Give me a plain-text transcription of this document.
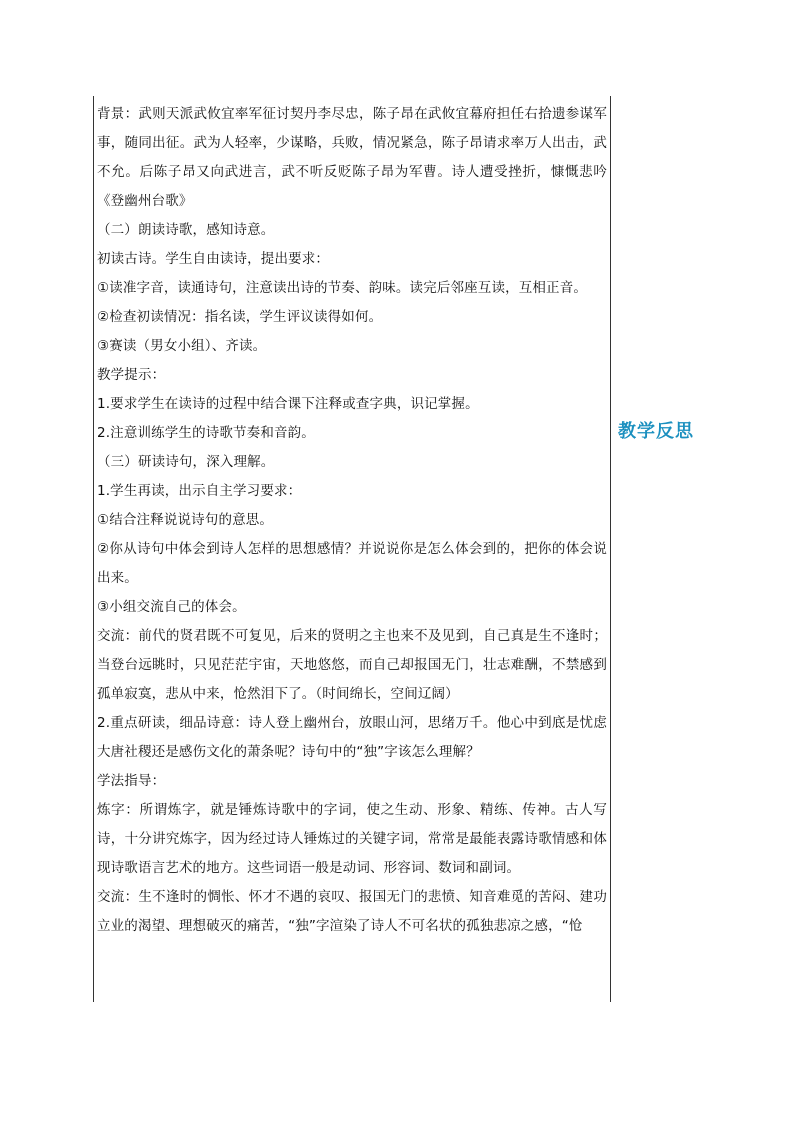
背景：武则天派武攸宜率军征讨契丹李尽忠，陈子昂在武攸宜幕府担任右拾遗参谋军事，随同出征。武为人轻率，少谋略，兵败，情况紧急，陈子昂请求率万人出击，武不允。后陈子昂又向武进言，武不听反贬陈子昂为军曹。诗人遭受挫折，慷慨悲吟《登幽州台歌》

（二）朗读诗歌，感知诗意。

初读古诗。学生自由读诗，提出要求：

①读准字音，读通诗句，注意读出诗的节奏、韵味。读完后邻座互读，互相正音。

②检查初读情况：指名读，学生评议读得如何。

③赛读（男女小组）、齐读。

教学提示：

1.要求学生在读诗的过程中结合课下注释或查字典，识记掌握。

2.注意训练学生的诗歌节奏和音韵。

（三）研读诗句，深入理解。

1.学生再读，出示自主学习要求：

①结合注释说说诗句的意思。

②你从诗句中体会到诗人怎样的思想感情？并说说你是怎么体会到的，把你的体会说出来。

③小组交流自己的体会。

交流：前代的贤君既不可复见，后来的贤明之主也来不及见到，自己真是生不逢时；当登台远眺时，只见茫茫宇宙，天地悠悠，而自己却报国无门，壮志难酬，不禁感到孤单寂寞，悲从中来，怆然泪下了。（时间绵长，空间辽阔）

2.重点研读，细品诗意：诗人登上幽州台，放眼山河，思绪万千。他心中到底是忧虑大唐社稷还是感伤文化的萧条呢？诗句中的“独”字该怎么理解？

学法指导：

炼字：所谓炼字，就是锤炼诗歌中的字词，使之生动、形象、精练、传神。古人写诗，十分讲究炼字，因为经过诗人锤炼过的关键字词，常常是最能表露诗歌情感和体现诗歌语言艺术的地方。这些词语一般是动词、形容词、数词和副词。

交流：生不逢时的惆怅、怀才不遇的哀叹、报国无门的悲愤、知音难觅的苦闷、建功立业的渴望、理想破灭的痛苦，“独”字渲染了诗人不可名状的孤独悲凉之感，“怆

教学反思
